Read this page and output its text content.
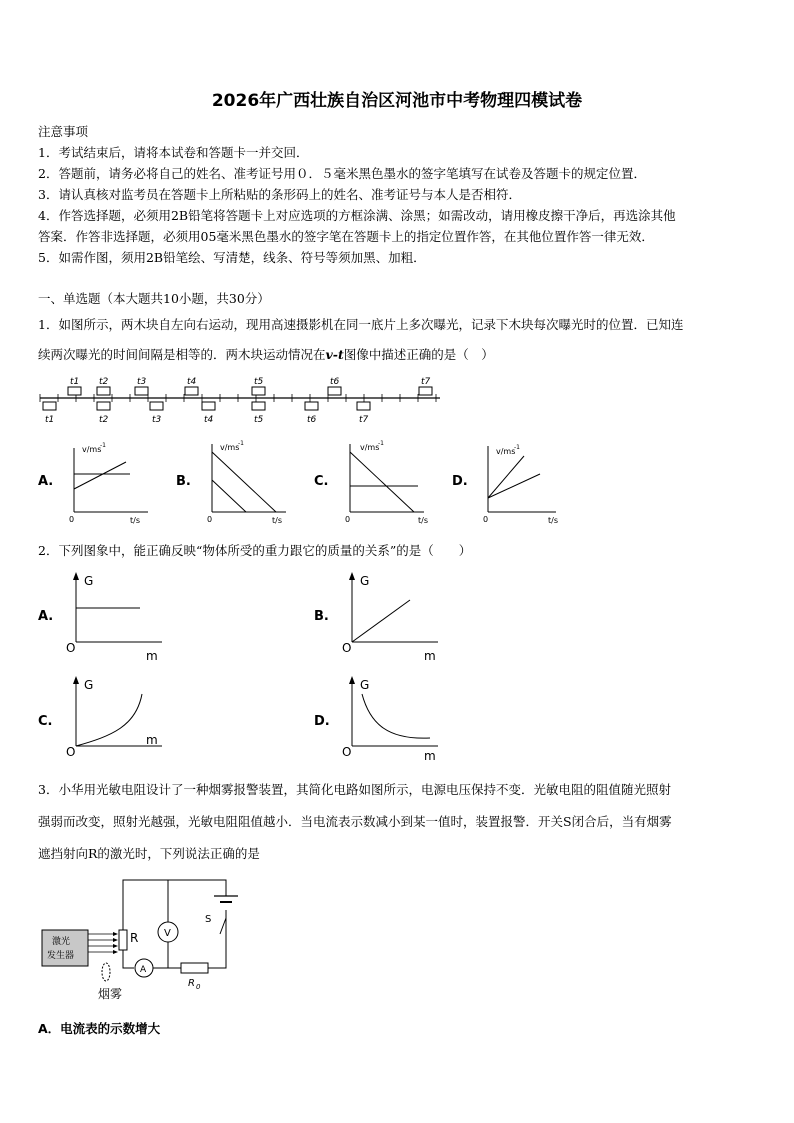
2026年广西壮族自治区河池市中考物理四模试卷
注意事项
1．考试结束后，请将本试卷和答题卡一并交回．
2．答题前，请务必将自己的姓名、准考证号用０．５毫米黑色墨水的签字笔填写在试卷及答题卡的规定位置．
3．请认真核对监考员在答题卡上所粘贴的条形码上的姓名、准考证号与本人是否相符．
4．作答选择题，必须用2B铅笔将答题卡上对应选项的方框涂满、涂黑；如需改动，请用橡皮擦干净后，再选涂其他
答案．作答非选择题，必须用05毫米黑色墨水的签字笔在答题卡上的指定位置作答，在其他位置作答一律无效．
5．如需作图，须用2B铅笔绘、写清楚，线条、符号等须加黑、加粗．
一、单选题（本大题共10小题，共30分）
1．如图所示，两木块自左向右运动，现用高速摄影机在同一底片上多次曝光，记录下木块每次曝光时的位置．已知连
续两次曝光的时间间隔是相等的．两木块运动情况在v-t图像中描述正确的是（　）
t1 t2	t3	t4	t5	t6	t7
t1	t2	t3	t4	t5	t6	t7
A.
v/ms
-1
0	t/s
B.
v/ms
-1
0	t/s
C.
v/ms
-1
0	t/s
D.
v/ms
-1
0	t/s
2．下列图象中，能正确反映“物体所受的重力跟它的质量的关系”的是（　　）
A.
G
O
m
B.
G
O
m
C.
G
O
m
D.
G
O	m
3．小华用光敏电阻设计了一种烟雾报警装置，其简化电路如图所示，电源电压保持不变．光敏电阻的阻值随光照射
强弱而改变，照射光越强，光敏电阻阻值越小．当电流表示数减小到某一值时，装置报警．开关S闭合后，当有烟雾
遮挡射向R的激光时，下列说法正确的是
R	V
A
R 0
S
激光
发生器
烟雾
A．电流表的示数增大
